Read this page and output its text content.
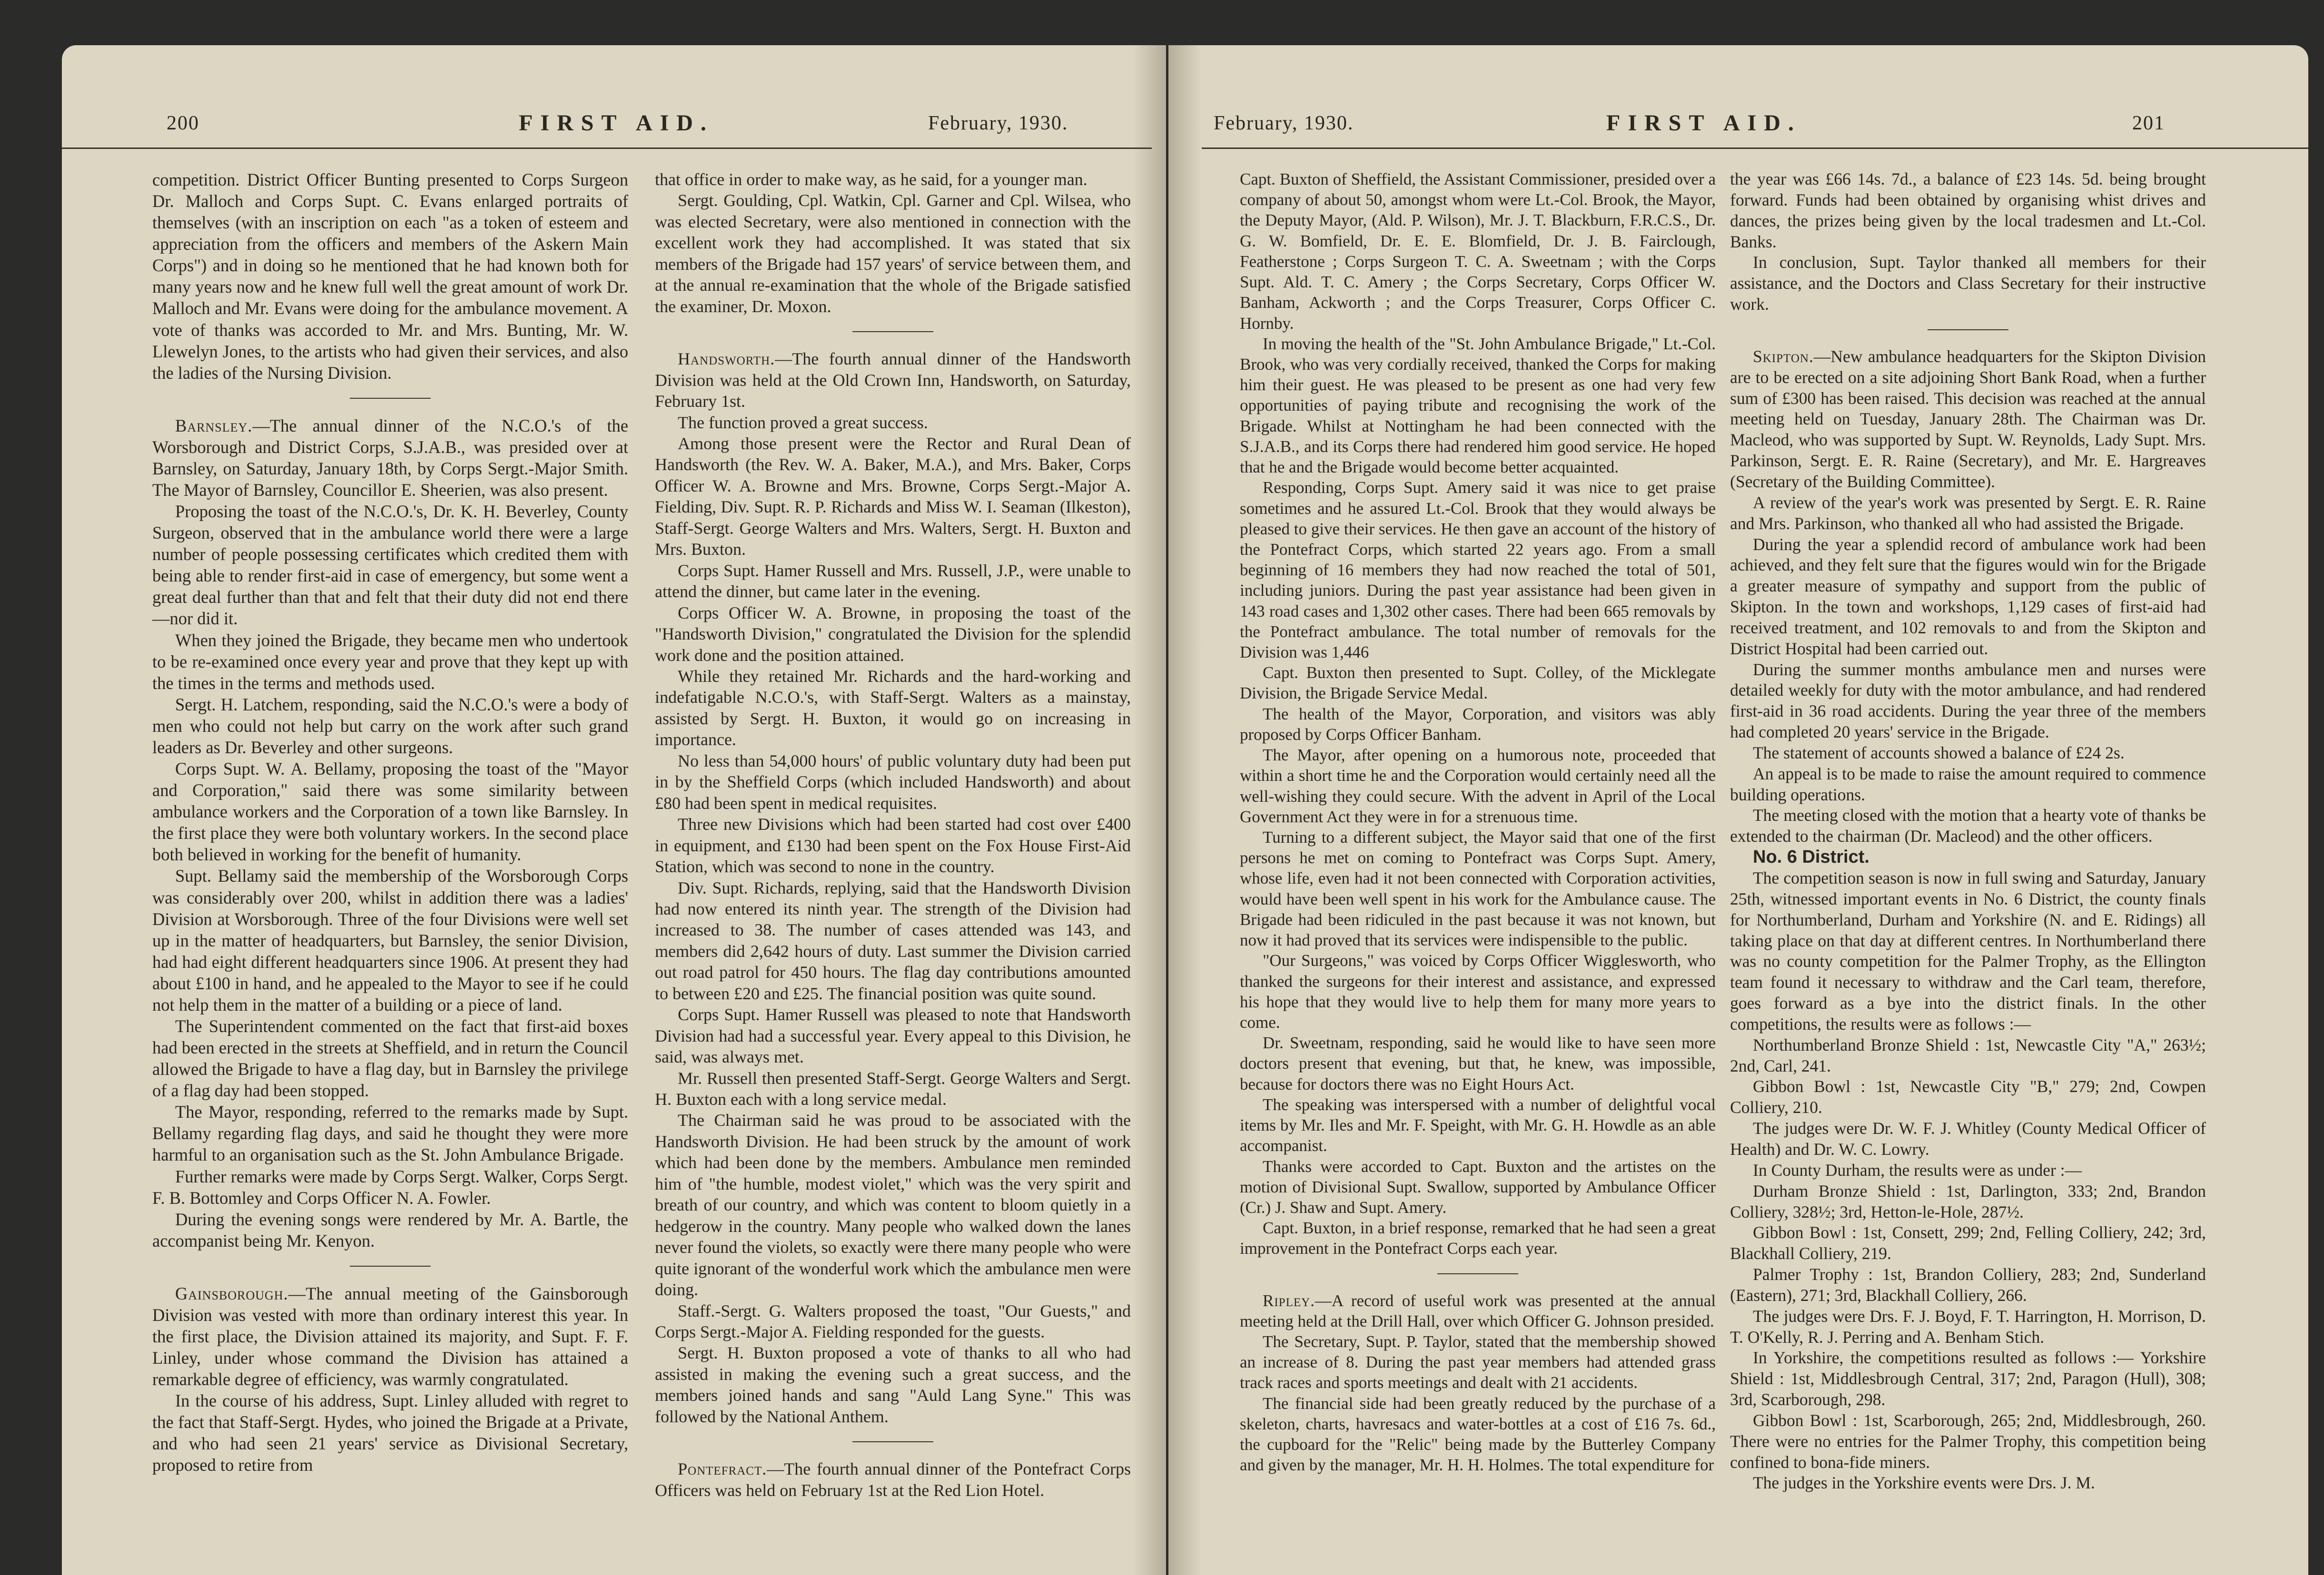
200	FIRST AID.	February, 1930.

competition. District Officer Bunting presented to Corps Surgeon Dr. Malloch and Corps Supt. C. Evans enlarged portraits of themselves (with an inscription on each "as a token of esteem and appreciation from the officers and members of the Askern Main Corps") and in doing so he mentioned that he had known both for many years now and he knew full well the great amount of work Dr. Malloch and Mr. Evans were doing for the ambulance movement. A vote of thanks was accorded to Mr. and Mrs. Bunting, Mr. W. Llewelyn Jones, to the artists who had given their services, and also the ladies of the Nursing Division.

Barnsley.—The annual dinner of the N.C.O.'s of the Worsborough and District Corps, S.J.A.B., was presided over at Barnsley, on Saturday, January 18th, by Corps Sergt.-Major Smith. The Mayor of Barnsley, Councillor E. Sheerien, was also present.

Proposing the toast of the N.C.O.'s, Dr. K. H. Beverley, County Surgeon, observed that in the ambulance world there were a large number of people possessing certificates which credited them with being able to render first-aid in case of emergency, but some went a great deal further than that and felt that their duty did not end there—nor did it.

When they joined the Brigade, they became men who undertook to be re-examined once every year and prove that they kept up with the times in the terms and methods used.

Sergt. H. Latchem, responding, said the N.C.O.'s were a body of men who could not help but carry on the work after such grand leaders as Dr. Beverley and other surgeons.

Corps Supt. W. A. Bellamy, proposing the toast of the "Mayor and Corporation," said there was some similarity between ambulance workers and the Corporation of a town like Barnsley. In the first place they were both voluntary workers. In the second place both believed in working for the benefit of humanity.

Supt. Bellamy said the membership of the Worsborough Corps was considerably over 200, whilst in addition there was a ladies' Division at Worsborough. Three of the four Divisions were well set up in the matter of headquarters, but Barnsley, the senior Division, had had eight different headquarters since 1906. At present they had about £100 in hand, and he appealed to the Mayor to see if he could not help them in the matter of a building or a piece of land.

The Superintendent commented on the fact that first-aid boxes had been erected in the streets at Sheffield, and in return the Council allowed the Brigade to have a flag day, but in Barnsley the privilege of a flag day had been stopped.

The Mayor, responding, referred to the remarks made by Supt. Bellamy regarding flag days, and said he thought they were more harmful to an organisation such as the St. John Ambulance Brigade.

Further remarks were made by Corps Sergt. Walker, Corps Sergt. F. B. Bottomley and Corps Officer N. A. Fowler.

During the evening songs were rendered by Mr. A. Bartle, the accompanist being Mr. Kenyon.

Gainsborough.—The annual meeting of the Gainsborough Division was vested with more than ordinary interest this year. In the first place, the Division attained its majority, and Supt. F. F. Linley, under whose command the Division has attained a remarkable degree of efficiency, was warmly congratulated.

In the course of his address, Supt. Linley alluded with regret to the fact that Staff-Sergt. Hydes, who joined the Brigade at a Private, and who had seen 21 years' service as Divisional Secretary, proposed to retire from

that office in order to make way, as he said, for a younger man.

Sergt. Goulding, Cpl. Watkin, Cpl. Garner and Cpl. Wilsea, who was elected Secretary, were also mentioned in connection with the excellent work they had accomplished. It was stated that six members of the Brigade had 157 years' of service between them, and at the annual re-examination that the whole of the Brigade satisfied the examiner, Dr. Moxon.

Handsworth.—The fourth annual dinner of the Handsworth Division was held at the Old Crown Inn, Handsworth, on Saturday, February 1st.

The function proved a great success.

Among those present were the Rector and Rural Dean of Handsworth (the Rev. W. A. Baker, M.A.), and Mrs. Baker, Corps Officer W. A. Browne and Mrs. Browne, Corps Sergt.-Major A. Fielding, Div. Supt. R. P. Richards and Miss W. I. Seaman (Ilkeston), Staff-Sergt. George Walters and Mrs. Walters, Sergt. H. Buxton and Mrs. Buxton.

Corps Supt. Hamer Russell and Mrs. Russell, J.P., were unable to attend the dinner, but came later in the evening.

Corps Officer W. A. Browne, in proposing the toast of the "Handsworth Division," congratulated the Division for the splendid work done and the position attained.

While they retained Mr. Richards and the hard-working and indefatigable N.C.O.'s, with Staff-Sergt. Walters as a mainstay, assisted by Sergt. H. Buxton, it would go on increasing in importance.

No less than 54,000 hours' of public voluntary duty had been put in by the Sheffield Corps (which included Handsworth) and about £80 had been spent in medical requisites.

Three new Divisions which had been started had cost over £400 in equipment, and £130 had been spent on the Fox House First-Aid Station, which was second to none in the country.

Div. Supt. Richards, replying, said that the Handsworth Division had now entered its ninth year. The strength of the Division had increased to 38. The number of cases attended was 143, and members did 2,642 hours of duty. Last summer the Division carried out road patrol for 450 hours. The flag day contributions amounted to between £20 and £25. The financial position was quite sound.

Corps Supt. Hamer Russell was pleased to note that Handsworth Division had had a successful year. Every appeal to this Division, he said, was always met.

Mr. Russell then presented Staff-Sergt. George Walters and Sergt. H. Buxton each with a long service medal.

The Chairman said he was proud to be associated with the Handsworth Division. He had been struck by the amount of work which had been done by the members. Ambulance men reminded him of "the humble, modest violet," which was the very spirit and breath of our country, and which was content to bloom quietly in a hedgerow in the country. Many people who walked down the lanes never found the violets, so exactly were there many people who were quite ignorant of the wonderful work which the ambulance men were doing.

Staff.-Sergt. G. Walters proposed the toast, "Our Guests," and Corps Sergt.-Major A. Fielding responded for the guests.

Sergt. H. Buxton proposed a vote of thanks to all who had assisted in making the evening such a great success, and the members joined hands and sang "Auld Lang Syne." This was followed by the National Anthem.

Pontefract.—The fourth annual dinner of the Pontefract Corps Officers was held on February 1st at the Red Lion Hotel.

February, 1930.	FIRST AID.	201

Capt. Buxton of Sheffield, the Assistant Commissioner, presided over a company of about 50, amongst whom were Lt.-Col. Brook, the Mayor, the Deputy Mayor, (Ald. P. Wilson), Mr. J. T. Blackburn, F.R.C.S., Dr. G. W. Bomfield, Dr. E. E. Blomfield, Dr. J. B. Fairclough, Featherstone ; Corps Surgeon T. C. A. Sweetnam ; with the Corps Supt. Ald. T. C. Amery ; the Corps Secretary, Corps Officer W. Banham, Ackworth ; and the Corps Treasurer, Corps Officer C. Hornby.

In moving the health of the "St. John Ambulance Brigade," Lt.-Col. Brook, who was very cordially received, thanked the Corps for making him their guest. He was pleased to be present as one had very few opportunities of paying tribute and recognising the work of the Brigade. Whilst at Nottingham he had been connected with the S.J.A.B., and its Corps there had rendered him good service. He hoped that he and the Brigade would become better acquainted.

Responding, Corps Supt. Amery said it was nice to get praise sometimes and he assured Lt.-Col. Brook that they would always be pleased to give their services. He then gave an account of the history of the Pontefract Corps, which started 22 years ago. From a small beginning of 16 members they had now reached the total of 501, including juniors. During the past year assistance had been given in 143 road cases and 1,302 other cases. There had been 665 removals by the Pontefract ambulance. The total number of removals for the Division was 1,446

Capt. Buxton then presented to Supt. Colley, of the Micklegate Division, the Brigade Service Medal.

The health of the Mayor, Corporation, and visitors was ably proposed by Corps Officer Banham.

The Mayor, after opening on a humorous note, proceeded that within a short time he and the Corporation would certainly need all the well-wishing they could secure. With the advent in April of the Local Government Act they were in for a strenuous time.

Turning to a different subject, the Mayor said that one of the first persons he met on coming to Pontefract was Corps Supt. Amery, whose life, even had it not been connected with Corporation activities, would have been well spent in his work for the Ambulance cause. The Brigade had been ridiculed in the past because it was not known, but now it had proved that its services were indispensible to the public.

"Our Surgeons," was voiced by Corps Officer Wigglesworth, who thanked the surgeons for their interest and assistance, and expressed his hope that they would live to help them for many more years to come.

Dr. Sweetnam, responding, said he would like to have seen more doctors present that evening, but that, he knew, was impossible, because for doctors there was no Eight Hours Act.

The speaking was interspersed with a number of delightful vocal items by Mr. Iles and Mr. F. Speight, with Mr. G. H. Howdle as an able accompanist.

Thanks were accorded to Capt. Buxton and the artistes on the motion of Divisional Supt. Swallow, supported by Ambulance Officer (Cr.) J. Shaw and Supt. Amery.

Capt. Buxton, in a brief response, remarked that he had seen a great improvement in the Pontefract Corps each year.

Ripley.—A record of useful work was presented at the annual meeting held at the Drill Hall, over which Officer G. Johnson presided.

The Secretary, Supt. P. Taylor, stated that the membership showed an increase of 8. During the past year members had attended grass track races and sports meetings and dealt with 21 accidents.

The financial side had been greatly reduced by the purchase of a skeleton, charts, havresacs and water-bottles at a cost of £16 7s. 6d., the cupboard for the "Relic" being made by the Butterley Company and given by the manager, Mr. H. H. Holmes. The total expenditure for

the year was £66 14s. 7d., a balance of £23 14s. 5d. being brought forward. Funds had been obtained by organising whist drives and dances, the prizes being given by the local tradesmen and Lt.-Col. Banks.

In conclusion, Supt. Taylor thanked all members for their assistance, and the Doctors and Class Secretary for their instructive work.

Skipton.—New ambulance headquarters for the Skipton Division are to be erected on a site adjoining Short Bank Road, when a further sum of £300 has been raised. This decision was reached at the annual meeting held on Tuesday, January 28th. The Chairman was Dr. Macleod, who was supported by Supt. W. Reynolds, Lady Supt. Mrs. Parkinson, Sergt. E. R. Raine (Secretary), and Mr. E. Hargreaves (Secretary of the Building Committee).

A review of the year's work was presented by Sergt. E. R. Raine and Mrs. Parkinson, who thanked all who had assisted the Brigade.

During the year a splendid record of ambulance work had been achieved, and they felt sure that the figures would win for the Brigade a greater measure of sympathy and support from the public of Skipton. In the town and workshops, 1,129 cases of first-aid had received treatment, and 102 removals to and from the Skipton and District Hospital had been carried out.

During the summer months ambulance men and nurses were detailed weekly for duty with the motor ambulance, and had rendered first-aid in 36 road accidents. During the year three of the members had completed 20 years' service in the Brigade.

The statement of accounts showed a balance of £24 2s.

An appeal is to be made to raise the amount required to commence building operations.

The meeting closed with the motion that a hearty vote of thanks be extended to the chairman (Dr. Macleod) and the other officers.

No. 6 District.

The competition season is now in full swing and Saturday, January 25th, witnessed important events in No. 6 District, the county finals for Northumberland, Durham and Yorkshire (N. and E. Ridings) all taking place on that day at different centres. In Northumberland there was no county competition for the Palmer Trophy, as the Ellington team found it necessary to withdraw and the Carl team, therefore, goes forward as a bye into the district finals. In the other competitions, the results were as follows :—

Northumberland Bronze Shield : 1st, Newcastle City "A," 263½; 2nd, Carl, 241.

Gibbon Bowl : 1st, Newcastle City "B," 279; 2nd, Cowpen Colliery, 210.

The judges were Dr. W. F. J. Whitley (County Medical Officer of Health) and Dr. W. C. Lowry.

In County Durham, the results were as under :—

Durham Bronze Shield : 1st, Darlington, 333; 2nd, Brandon Colliery, 328½; 3rd, Hetton-le-Hole, 287½.

Gibbon Bowl : 1st, Consett, 299; 2nd, Felling Colliery, 242; 3rd, Blackhall Colliery, 219.

Palmer Trophy : 1st, Brandon Colliery, 283; 2nd, Sunderland (Eastern), 271; 3rd, Blackhall Colliery, 266.

The judges were Drs. F. J. Boyd, F. T. Harrington, H. Morrison, D. T. O'Kelly, R. J. Perring and A. Benham Stich.

In Yorkshire, the competitions resulted as follows :— Yorkshire Shield : 1st, Middlesbrough Central, 317; 2nd, Paragon (Hull), 308; 3rd, Scarborough, 298.

Gibbon Bowl : 1st, Scarborough, 265; 2nd, Middlesbrough, 260. There were no entries for the Palmer Trophy, this competition being confined to bona-fide miners.

The judges in the Yorkshire events were Drs. J. M.
